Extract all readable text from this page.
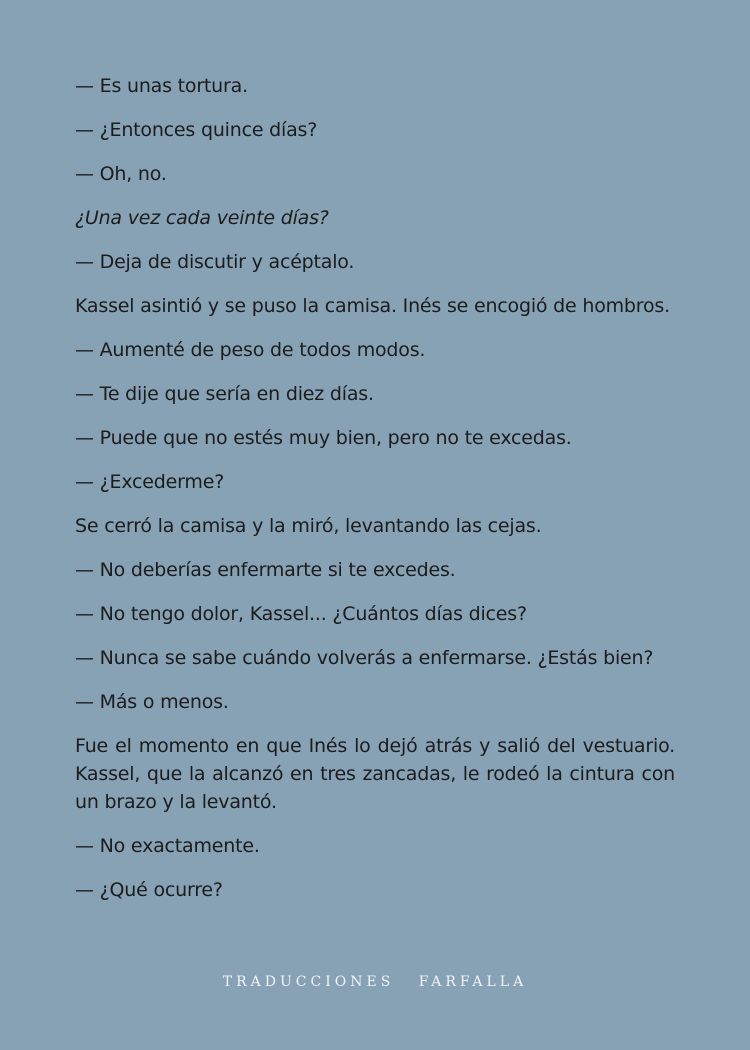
— Es unas tortura.

— ¿Entonces quince días?

— Oh, no.

¿Una vez cada veinte días?

— Deja de discutir y acéptalo.

Kassel asintió y se puso la camisa. Inés se encogió de hombros.

— Aumenté de peso de todos modos.

— Te dije que sería en diez días.

— Puede que no estés muy bien, pero no te excedas.

— ¿Excederme?

Se cerró la camisa y la miró, levantando las cejas.

— No deberías enfermarte si te excedes.

— No tengo dolor, Kassel... ¿Cuántos días dices?

— Nunca se sabe cuándo volverás a enfermarse. ¿Estás bien?

— Más o menos.

Fue el momento en que Inés lo dejó atrás y salió del vestuario. Kassel, que la alcanzó en tres zancadas, le rodeó la cintura con un brazo y la levantó.

— No exactamente.

— ¿Qué ocurre?

TRADUCCIONES FARFALLA
